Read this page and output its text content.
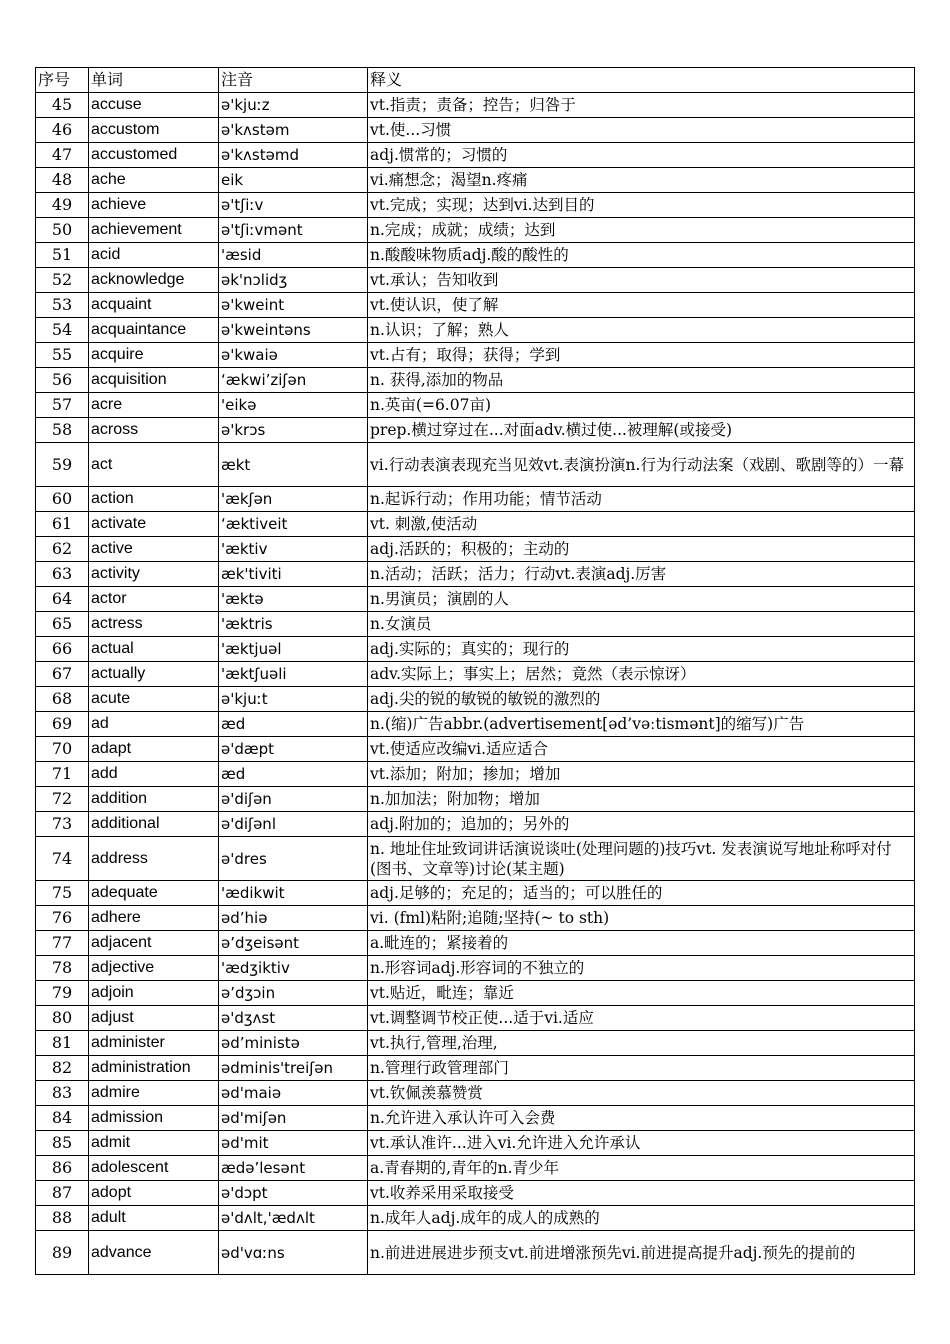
序号	单词	注音	释义
45	accuse	ə'kjuːz	vt.指责；责备；控告；归咎于
46	accustom	ə'kʌstəm	vt.使...习惯
47	accustomed	ə'kʌstəmd	adj.惯常的；习惯的
48	ache	eik	vi.痛想念；渴望n.疼痛
49	achieve	ə'tʃiːv	vt.完成；实现；达到vi.达到目的
50	achievement	ə'tʃiːvmənt	n.完成；成就；成绩；达到
51	acid	'æsid	n.酸酸味物质adj.酸的酸性的
52	acknowledge	ək'nɔlidʒ	vt.承认；告知收到
53	acquaint	ə'kweint	vt.使认识，使了解
54	acquaintance	ə'kweintəns	n.认识；了解；熟人
55	acquire	ə'kwaiə	vt.占有；取得；获得；学到
56	acquisition	‘ækwi’ziʃən	n. 获得,添加的物品
57	acre	'eikə	n.英亩(=6.07亩)
58	across	ə'krɔs	prep.横过穿过在...对面adv.横过使...被理解(或接受)
59	act	ækt	vi.行动表演表现充当见效vt.表演扮演n.行为行动法案（戏剧、歌剧等的）一幕
60	action	'ækʃən	n.起诉行动；作用功能；情节活动
61	activate	‘æktiveit	vt. 刺激,使活动
62	active	'æktiv	adj.活跃的；积极的；主动的
63	activity	æk'tiviti	n.活动；活跃；活力；行动vt.表演adj.厉害
64	actor	'æktə	n.男演员；演剧的人
65	actress	'æktris	n.女演员
66	actual	'æktjuəl	adj.实际的；真实的；现行的
67	actually	'æktʃuəli	adv.实际上；事实上；居然；竟然（表示惊讶）
68	acute	ə'kjuːt	adj.尖的锐的敏锐的敏锐的激烈的
69	ad	æd	n.(缩)广告abbr.(advertisement[əd’vəːtismənt]的缩写)广告
70	adapt	ə'dæpt	vt.使适应改编vi.适应适合
71	add	æd	vt.添加；附加；掺加；增加
72	addition	ə'diʃən	n.加加法；附加物；增加
73	additional	ə'diʃənl	adj.附加的；追加的；另外的
74	address	ə'dres	n. 地址住址致词讲话演说谈吐(处理问题的)技巧vt. 发表演说写地址称呼对付(图书、文章等)讨论(某主题)
75	adequate	'ædikwit	adj.足够的；充足的；适当的；可以胜任的
76	adhere	əd’hiə	vi. (fml)粘附;追随;坚持(~ to sth)
77	adjacent	ə’dʒeisənt	a.毗连的；紧接着的
78	adjective	'ædʒiktiv	n.形容词adj.形容词的不独立的
79	adjoin	ə’dʒɔin	vt.贴近，毗连；靠近
80	adjust	ə'dʒʌst	vt.调整调节校正使...适于vi.适应
81	administer	əd’ministə	vt.执行,管理,治理,
82	administration	ədminis'treiʃən	n.管理行政管理部门
83	admire	əd'maiə	vt.钦佩羡慕赞赏
84	admission	əd'miʃən	n.允许进入承认许可入会费
85	admit	əd'mit	vt.承认准许...进入vi.允许进入允许承认
86	adolescent	ædə’lesənt	a.青春期的,青年的n.青少年
87	adopt	ə'dɔpt	vt.收养采用采取接受
88	adult	ə'dʌlt,'ædʌlt	n.成年人adj.成年的成人的成熟的
89	advance	əd'vɑːns	n.前进进展进步预支vt.前进增涨预先vi.前进提高提升adj.预先的提前的
